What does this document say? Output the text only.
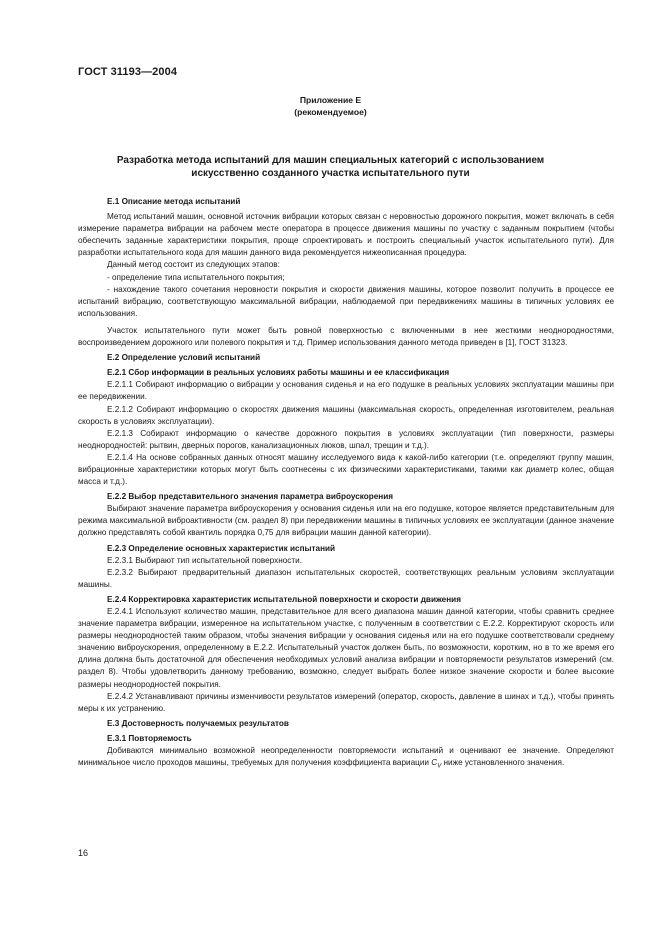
ГОСТ 31193—2004
Приложение Е
(рекомендуемое)
Разработка метода испытаний для машин специальных категорий с использованием
искусственно созданного участка испытательного пути

Е.1 Описание метода испытаний

Метод испытаний машин, основной источник вибрации которых связан с неровностью дорожного покрытия, может включать в себя измерение параметра вибрации на рабочем месте оператора в процессе движения машины по участку с заданным покрытием (чтобы обеспечить заданные характеристики покрытия, проще спроектировать и построить специальный участок испытательного пути). Для разработки испытательного кода для машин данного вида рекомендуется нижеописанная процедура.

Данный метод состоит из следующих этапов:

- определение типа испытательного покрытия;

- нахождение такого сочетания неровности покрытия и скорости движения машины, которое позволит получить в процессе ее испытаний вибрацию, соответствующую максимальной вибрации, наблюдаемой при передвижениях машины в типичных условиях ее использования.

Участок испытательного пути может быть ровной поверхностью с включенными в нее жесткими неоднородностями, воспроизведением дорожного или полевого покрытия и т.д. Пример использования данного метода приведен в [1], ГОСТ 31323.

Е.2 Определение условий испытаний

Е.2.1 Сбор информации в реальных условиях работы машины и ее классификация

Е.2.1.1 Собирают информацию о вибрации у основания сиденья и на его подушке в реальных условиях эксплуатации машины при ее передвижении.

Е.2.1.2 Собирают информацию о скоростях движения машины (максимальная скорость, определенная изготовителем, реальная скорость в условиях эксплуатации).

Е.2.1.3 Собирают информацию о качестве дорожного покрытия в условиях эксплуатации (тип поверхности, размеры неоднородностей: рытвин, дверных порогов, канализационных люков, шпал, трещин и т.д.).

Е.2.1.4 На основе собранных данных относят машину исследуемого вида к какой-либо категории (т.е. определяют группу машин, вибрационные характеристики которых могут быть соотнесены с их физическими характеристиками, такими как диаметр колес, общая масса и т.д.).

Е.2.2 Выбор представительного значения параметра виброускорения

Выбирают значение параметра виброускорения у основания сиденья или на его подушке, которое является представительным для режима максимальной виброактивности (см. раздел 8) при передвижении машины в типичных условиях ее эксплуатации (данное значение должно представлять собой квантиль порядка 0,75 для вибрации машин данной категории).

Е.2.3 Определение основных характеристик испытаний

Е.2.3.1 Выбирают тип испытательной поверхности.

Е.2.3.2 Выбирают предварительный диапазон испытательных скоростей, соответствующих реальным условиям эксплуатации машины.

Е.2.4 Корректировка характеристик испытательной поверхности и скорости движения

Е.2.4.1 Используют количество машин, представительное для всего диапазона машин данной категории, чтобы сравнить среднее значение параметра вибрации, измеренное на испытательном участке, с полученным в соответствии с Е.2.2. Корректируют скорость или размеры неоднородностей таким образом, чтобы значения вибрации у основания сиденья или на его подушке соответствовали среднему значению виброускорения, определенному в Е.2.2. Испытательный участок должен быть, по возможности, коротким, но в то же время его длина должна быть достаточной для обеспечения необходимых условий анализа вибрации и повторяемости результатов измерений (см. раздел 8). Чтобы удовлетворить данному требованию, возможно, следует выбрать более низкое значение скорости и более высокие размеры неоднородностей покрытия.

Е.2.4.2 Устанавливают причины изменчивости результатов измерений (оператор, скорость, давление в шинах и т.д.), чтобы принять меры к их устранению.

Е.3 Достоверность получаемых результатов

Е.3.1 Повторяемость

Добиваются минимально возможной неопределенности повторяемости испытаний и оценивают ее значение. Определяют минимальное число проходов машины, требуемых для получения коэффициента вариации $C_V$ ниже установленного значения.

16
